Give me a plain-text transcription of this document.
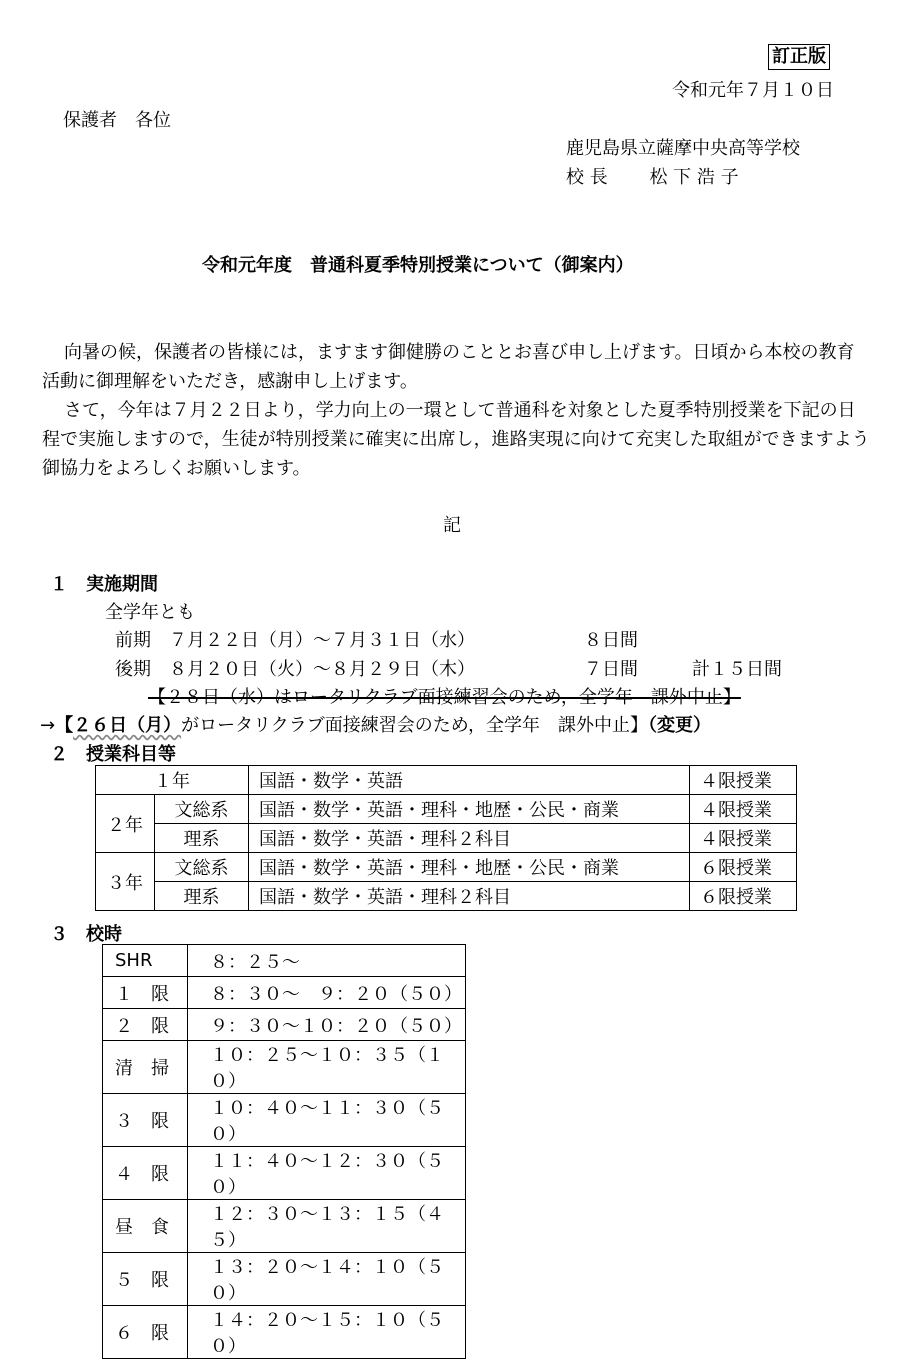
訂正版
令和元年７月１０日
保護者　各位
鹿児島県立薩摩中央高等学校
校 長　　 松 下 浩 子
令和元年度　普通科夏季特別授業について（御案内）
向暑の候，保護者の皆様には，ますます御健勝のこととお喜び申し上げます。日頃から本校の教育活動に御理解をいただき，感謝申し上げます。
さて，今年は７月２２日より，学力向上の一環として普通科を対象とした夏季特別授業を下記の日程で実施しますので，生徒が特別授業に確実に出席し，進路実現に向けて充実した取組ができますよう御協力をよろしくお願いします。
記
１ 実施期間
全学年とも
前期　７月２２日（月）～７月３１日（水）	８日間
後期　８月２０日（火）～８月２９日（木）	７日間	計１５日間
【２８日（水）はロータリクラブ面接練習会のため，全学年　課外中止】
→【２６日（月）がロータリクラブ面接練習会のため，全学年　課外中止】（変更）
２ 授業科目等
１年		国語・数学・英語	４限授業
２年	文総系	国語・数学・英語・理科・地歴・公民・商業	４限授業
	理系	国語・数学・英語・理科２科目	４限授業
３年	文総系	国語・数学・英語・理科・地歴・公民・商業	６限授業
	理系	国語・数学・英語・理科２科目	６限授業
３ 校時
SHR	８：２５～
１　限	８：３０～　９：２０（５０）
２　限	９：３０～１０：２０（５０）
清　掃	１０：２５～１０：３５（１０）
３　限	１０：４０～１１：３０（５０）
４　限	１１：４０～１２：３０（５０）
昼　食	１２：３０～１３：１５（４５）
５　限	１３：２０～１４：１０（５０）
６　限	１４：２０～１５：１０（５０）
